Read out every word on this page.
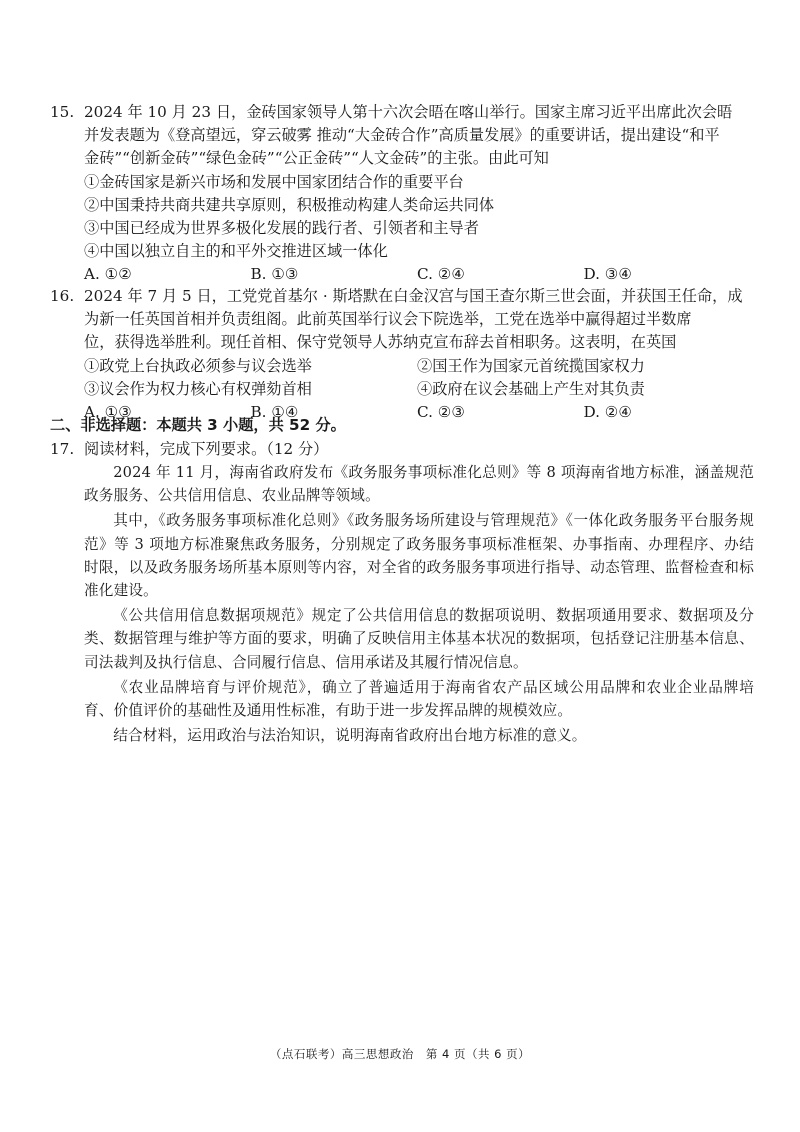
15. 2024 年 10 月 23 日，金砖国家领导人第十六次会晤在喀山举行。国家主席习近平出席此次会晤
并发表题为《登高望远，穿云破雾 推动“大金砖合作”高质量发展》的重要讲话，提出建设“和平
金砖”“创新金砖”“绿色金砖”“公正金砖”“人文金砖”的主张。由此可知
①金砖国家是新兴市场和发展中国家团结合作的重要平台
②中国秉持共商共建共享原则，积极推动构建人类命运共同体
③中国已经成为世界多极化发展的践行者、引领者和主导者
④中国以独立自主的和平外交推进区域一体化
A. ①②	B. ①③	C. ②④	D. ③④
16. 2024 年 7 月 5 日，工党党首基尔 · 斯塔默在白金汉宫与国王查尔斯三世会面，并获国王任命，成
为新一任英国首相并负责组阁。此前英国举行议会下院选举，工党在选举中赢得超过半数席
位，获得选举胜利。现任首相、保守党领导人苏纳克宣布辞去首相职务。这表明，在英国
①政党上台执政必须参与议会选举	②国王作为国家元首统揽国家权力
③议会作为权力核心有权弹劾首相	④政府在议会基础上产生对其负责
A. ①③	B. ①④	C. ②③	D. ②④
二、非选择题：本题共 3 小题，共 52 分。
17. 阅读材料，完成下列要求。（12 分）

2024 年 11 月，海南省政府发布《政务服务事项标准化总则》等 8 项海南省地方标准，涵盖规范政务服务、公共信用信息、农业品牌等领域。

其中，《政务服务事项标准化总则》《政务服务场所建设与管理规范》《一体化政务服务平台服务规范》等 3 项地方标准聚焦政务服务，分别规定了政务服务事项标准框架、办事指南、办理程序、办结时限，以及政务服务场所基本原则等内容，对全省的政务服务事项进行指导、动态管理、监督检查和标准化建设。

《公共信用信息数据项规范》规定了公共信用信息的数据项说明、数据项通用要求、数据项及分类、数据管理与维护等方面的要求，明确了反映信用主体基本状况的数据项，包括登记注册基本信息、司法裁判及执行信息、合同履行信息、信用承诺及其履行情况信息。

《农业品牌培育与评价规范》，确立了普遍适用于海南省农产品区域公用品牌和农业企业品牌培育、价值评价的基础性及通用性标准，有助于进一步发挥品牌的规模效应。

结合材料，运用政治与法治知识，说明海南省政府出台地方标准的意义。

（点石联考）高三思想政治　第 4 页（共 6 页）
